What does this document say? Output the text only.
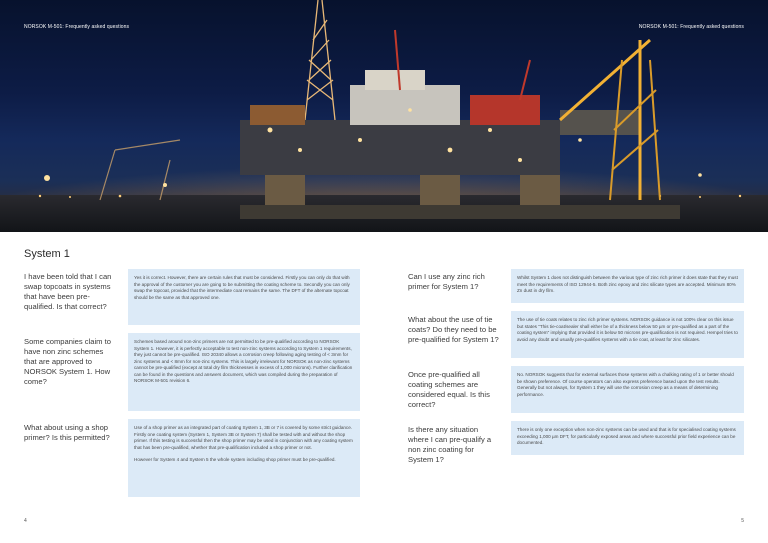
NORSOK M-501: Frequently asked questions	NORSOK M-501: Frequently asked questions
System 1
I have been told that I can swap topcoats in systems that have been pre-qualified. Is that correct?

Yes it is correct. However, there are certain rules that must be considered. Firstly you can only do that with the approval of the customer you are going to be submitting the coating scheme to. Secondly you can only swap the topcoat, provided that the intermediate coat remains the same. The DFT of the alternate topcoat should be the same as that approved one.

Some companies claim to have non zinc schemes that are approved to NORSOK System 1. How come?

Schemes based around non-zinc primers are not permitted to be pre-qualified according to NORSOK System 1. However, it is perfectly acceptable to test non-zinc systems according to System 1 requirements, they just cannot be pre-qualified. ISO 20340 allows a corrosion creep following aging testing of < 3mm for zinc systems and < 8mm for non-zinc systems. This is largely irrelevant for NORSOK as non-zinc systems cannot be pre-qualified (except at total dry film thicknesses in excess of 1,000 microns). Further clarification can be found in the questions and answers document, which was compiled during the preparation of NORSOK M-501 revision 6.

What about using a shop primer? Is this permitted?

Use of a shop primer as an integrated part of coating System 1, 3B or 7 is covered by some strict guidance. Firstly one coating system (System 1, System 3B or System 7) shall be tested with and without the shop primer. If this testing is successful then the shop primer may be used in conjunction with any coating system that has been pre-qualified, whether that pre-qualification included a shop primer or not.

However for System 4 and System 5 the whole system including shop primer must be pre-qualified.

Can I use any zinc rich primer for System 1?

Whilst System 1 does not distinguish between the various type of zinc rich primer it does state that they must meet the requirements of ISO 12944-5. Both zinc epoxy and zinc silicate types are accepted. Minimum 80% Zn dust in dry film.

What about the use of tie coats? Do they need to be pre-qualified for System 1?

The use of tie coats relates to zinc rich primer systems. NORSOK guidance is not 100% clear on this issue but states "This tie-coat/sealer shall either be of a thickness below 50 µm or pre-qualified as a part of the coating system" implying that provided it is below 50 microns pre-qualification is not required. Hempel tries to avoid any doubt and usually pre-qualifies systems with a tie coat, at least for zinc silicates.

Once pre-qualified all coating schemes are considered equal. Is this correct?

No. NORSOK suggests that for external surfaces those systems with a chalking rating of 1 or better should be shown preference. Of course operators can also express preference based upon the test results. Generally but not always, for System 1 they will use the corrosion creep as a means of determining performance.

Is there any situation where I can pre-qualify a non zinc coating for System 1?

There is only one exception when non-zinc systems can be used and that is for specialised coating systems exceeding 1,000 µm DFT, for particularly exposed areas and where successful prior field experience can be documented.

4	5
